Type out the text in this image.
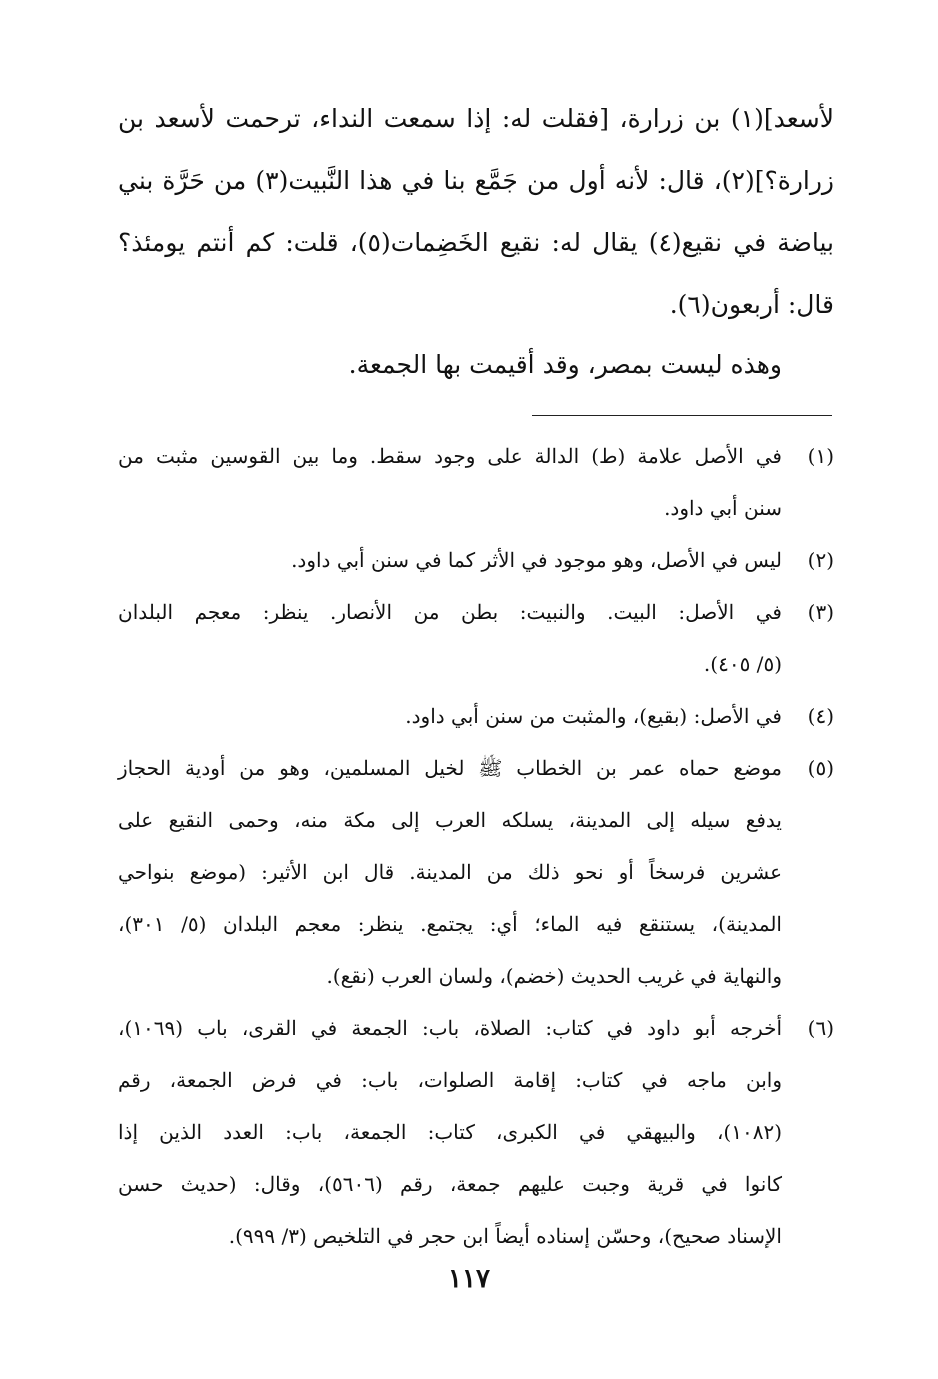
لأسعد](١) بن زرارة، [فقلت له: إذا سمعت النداء، ترحمت لأسعد بن
زرارة؟](٢)، قال: لأنه أول من جَمَّع بنا في هذا النَّبيت(٣) من حَرَّة بني
بياضة في نقيع(٤) يقال له: نقيع الخَضِمات(٥)، قلت: كم أنتم يومئذ؟
قال: أربعون(٦).
وهذه ليست بمصر، وقد أقيمت بها الجمعة.
(١)
في الأصل علامة (ط) الدالة على وجود سقط. وما بين القوسين مثبت من
سنن أبي داود.
(٢)
ليس في الأصل، وهو موجود في الأثر كما في سنن أبي داود.
(٣)
في الأصل: البيت. والنبيت: بطن من الأنصار. ينظر: معجم البلدان
(٥/ ٤٠٥).
(٤)
في الأصل: (بقيع)، والمثبت من سنن أبي داود.
(٥)
موضع حماه عمر بن الخطاب ﷺ لخيل المسلمين، وهو من أودية الحجاز
يدفع سيله إلى المدينة، يسلكه العرب إلى مكة منه، وحمى النقيع على
عشرين فرسخاً أو نحو ذلك من المدينة. قال ابن الأثير: (موضع بنواحي
المدينة)، يستنقع فيه الماء؛ أي: يجتمع. ينظر: معجم البلدان (٥/ ٣٠١)،
والنهاية في غريب الحديث (خضم)، ولسان العرب (نقع).
(٦)
أخرجه أبو داود في كتاب: الصلاة، باب: الجمعة في القرى، باب (١٠٦٩)،
وابن ماجه في كتاب: إقامة الصلوات، باب: في فرض الجمعة، رقم
(١٠٨٢)، والبيهقي في الكبرى، كتاب: الجمعة، باب: العدد الذين إذا
كانوا في قرية وجبت عليهم جمعة، رقم (٥٦٠٦)، وقال: (حديث حسن
الإسناد صحيح)، وحسّن إسناده أيضاً ابن حجر في التلخيص (٣/ ٩٩٩).
١١٧
